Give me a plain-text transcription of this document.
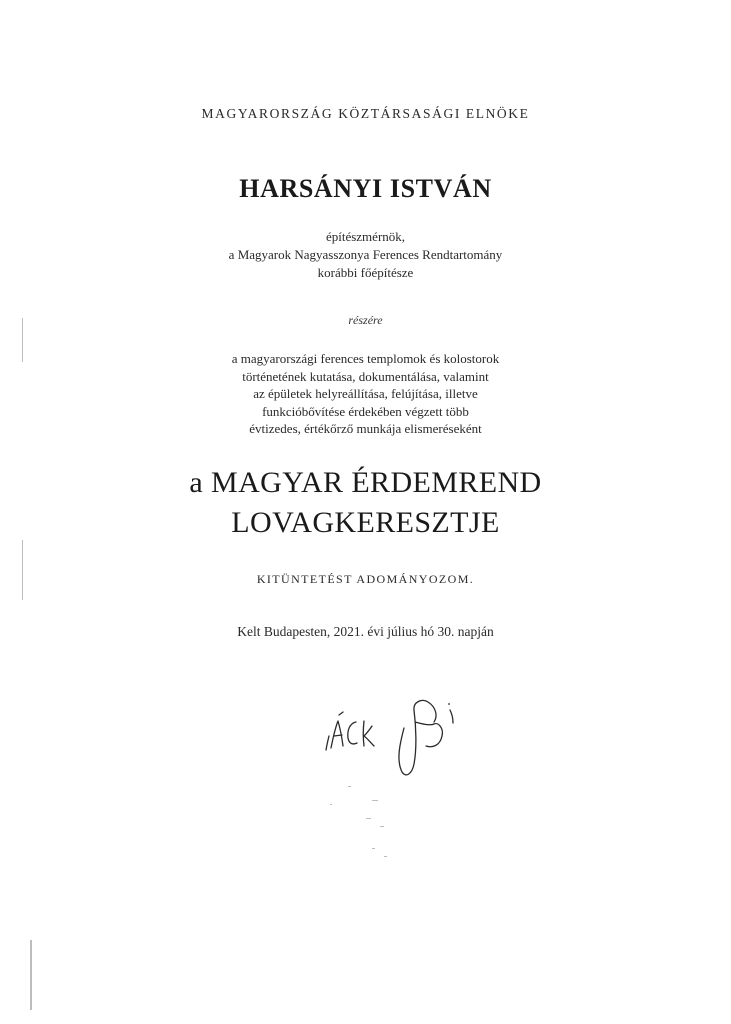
MAGYARORSZÁG KÖZTÁRSASÁGI ELNÖKE

HARSÁNYI ISTVÁN

építészmérnök,
a Magyarok Nagyasszonya Ferences Rendtartomány
korábbi főépítésze

részére

a magyarországi ferences templomok és kolostorok
történetének kutatása, dokumentálása, valamint
az épületek helyreállítása, felújítása, illetve
funkcióbővítése érdekében végzett több
évtizedes, értékőrző munkája elismeréseként
a MAGYAR ÉRDEMREND
LOVAGKERESZTJE

KITÜNTETÉST ADOMÁNYOZOM.

Kelt Budapesten, 2021. évi július hó 30. napján
